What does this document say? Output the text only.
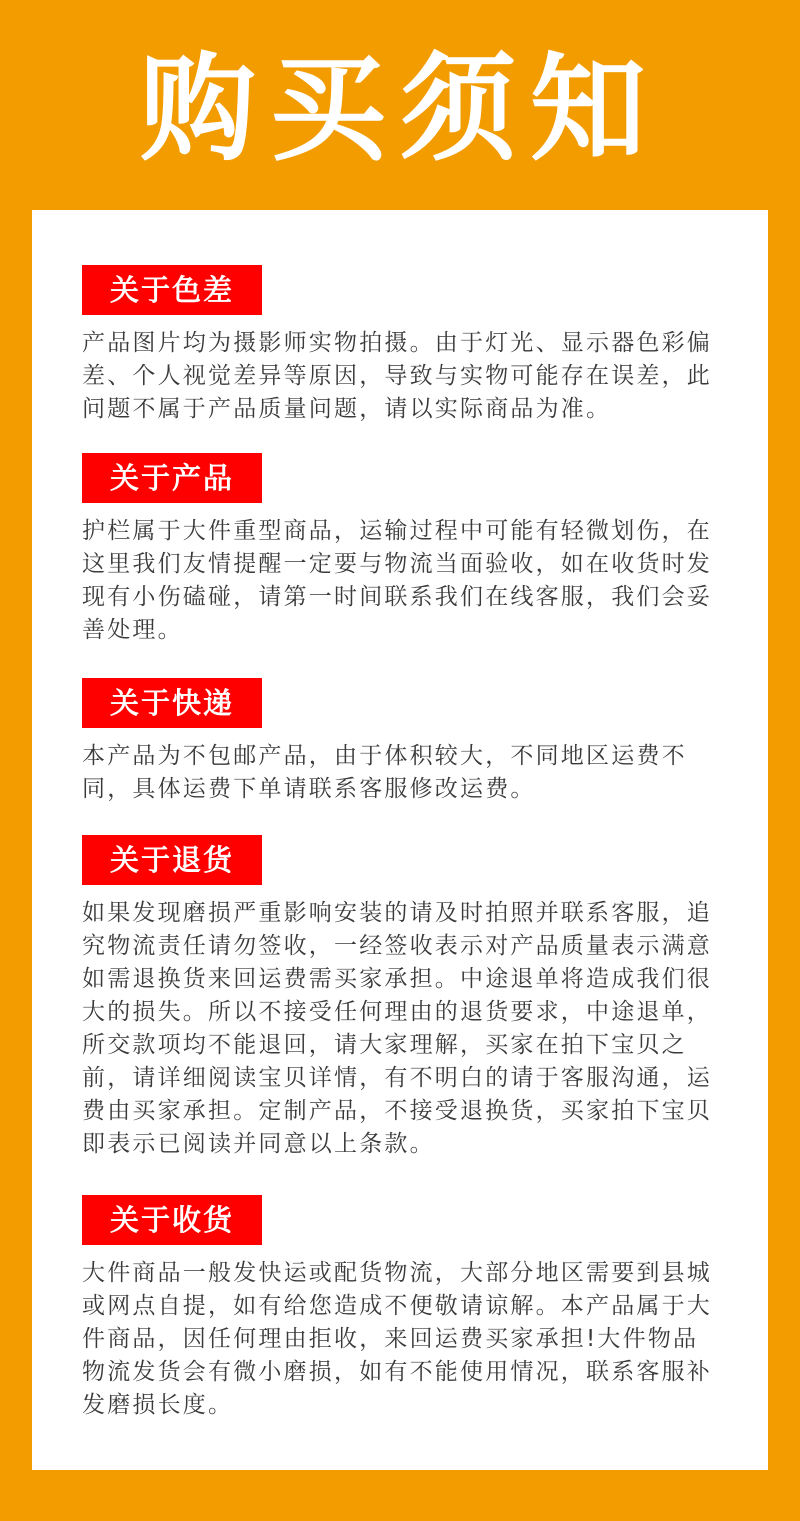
购买须知
关于色差
产品图片均为摄影师实物拍摄。由于灯光、显示器色彩偏差、个人视觉差异等原因，导致与实物可能存在误差，此问题不属于产品质量问题，请以实际商品为准。
关于产品
护栏属于大件重型商品，运输过程中可能有轻微划伤，在这里我们友情提醒一定要与物流当面验收，如在收货时发现有小伤磕碰，请第一时间联系我们在线客服，我们会妥善处理。
关于快递
本产品为不包邮产品，由于体积较大，不同地区运费不同，具体运费下单请联系客服修改运费。
关于退货
如果发现磨损严重影响安装的请及时拍照并联系客服，追究物流责任请勿签收，一经签收表示对产品质量表示满意如需退换货来回运费需买家承担。中途退单将造成我们很大的损失。所以不接受任何理由的退货要求，中途退单，所交款项均不能退回，请大家理解，买家在拍下宝贝之前，请详细阅读宝贝详情，有不明白的请于客服沟通，运费由买家承担。定制产品，不接受退换货，买家拍下宝贝即表示已阅读并同意以上条款。
关于收货
大件商品一般发快运或配货物流，大部分地区需要到县城或网点自提，如有给您造成不便敬请谅解。本产品属于大件商品，因任何理由拒收，来回运费买家承担!大件物品物流发货会有微小磨损，如有不能使用情况，联系客服补发磨损长度。
